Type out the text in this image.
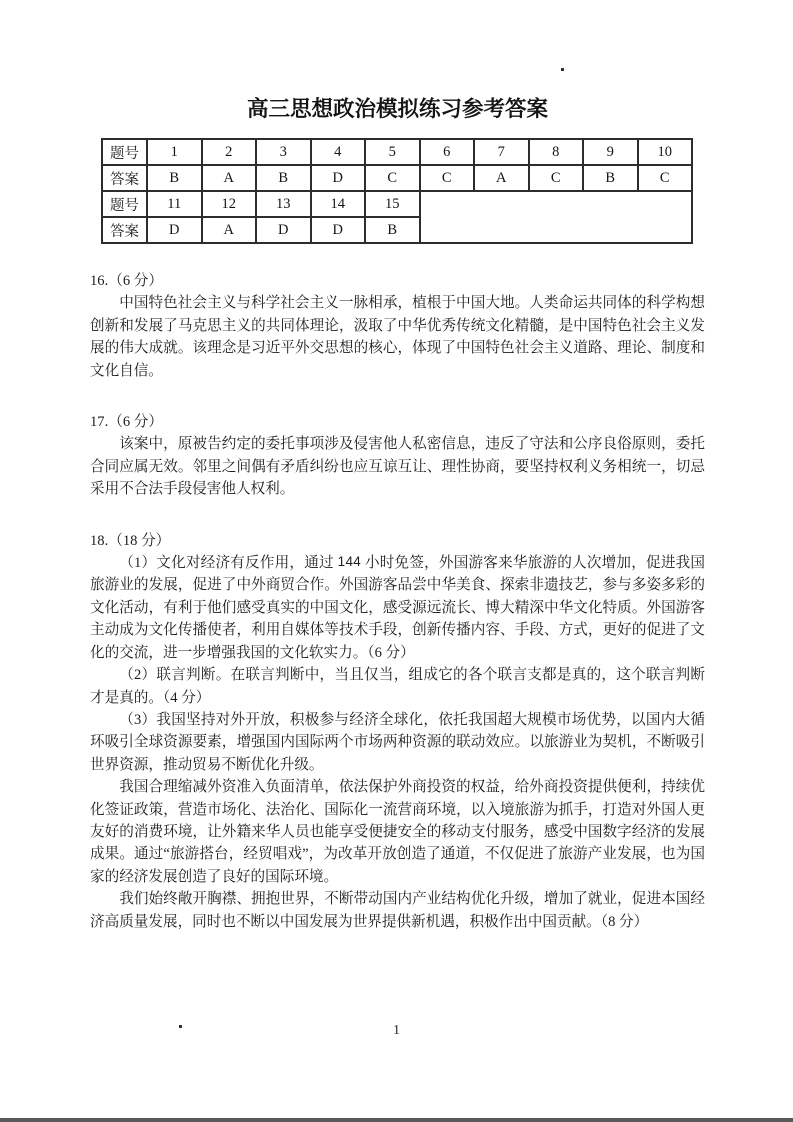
高三思想政治模拟练习参考答案
题号	1	2	3	4	5	6	7	8	9	10
答案	B	A	B	D	C	C	A	C	B	C
题号	11	12	13	14	15					
答案	D	A	D	D	B					
16.（6 分）

中国特色社会主义与科学社会主义一脉相承，植根于中国大地。人类命运共同体的科学构想创新和发展了马克思主义的共同体理论，汲取了中华优秀传统文化精髓，是中国特色社会主义发展的伟大成就。该理念是习近平外交思想的核心，体现了中国特色社会主义道路、理论、制度和文化自信。

17.（6 分）

该案中，原被告约定的委托事项涉及侵害他人私密信息，违反了守法和公序良俗原则，委托合同应属无效。邻里之间偶有矛盾纠纷也应互谅互让、理性协商，要坚持权利义务相统一，切忌采用不合法手段侵害他人权利。

18.（18 分）

（1）文化对经济有反作用，通过 144 小时免签，外国游客来华旅游的人次增加，促进我国旅游业的发展，促进了中外商贸合作。外国游客品尝中华美食、探索非遗技艺，参与多姿多彩的文化活动，有利于他们感受真实的中国文化，感受源远流长、博大精深中华文化特质。外国游客主动成为文化传播使者，利用自媒体等技术手段，创新传播内容、手段、方式，更好的促进了文化的交流，进一步增强我国的文化软实力。（6 分）

（2）联言判断。在联言判断中，当且仅当，组成它的各个联言支都是真的，这个联言判断才是真的。（4 分）

（3）我国坚持对外开放，积极参与经济全球化，依托我国超大规模市场优势，以国内大循环吸引全球资源要素，增强国内国际两个市场两种资源的联动效应。以旅游业为契机，不断吸引世界资源，推动贸易不断优化升级。

我国合理缩减外资准入负面清单，依法保护外商投资的权益，给外商投资提供便利，持续优化签证政策，营造市场化、法治化、国际化一流营商环境，以入境旅游为抓手，打造对外国人更友好的消费环境，让外籍来华人员也能享受便捷安全的移动支付服务，感受中国数字经济的发展成果。通过“旅游搭台，经贸唱戏”，为改革开放创造了通道，不仅促进了旅游产业发展，也为国家的经济发展创造了良好的国际环境。

我们始终敞开胸襟、拥抱世界，不断带动国内产业结构优化升级，增加了就业，促进本国经济高质量发展，同时也不断以中国发展为世界提供新机遇，积极作出中国贡献。（8 分）

1
